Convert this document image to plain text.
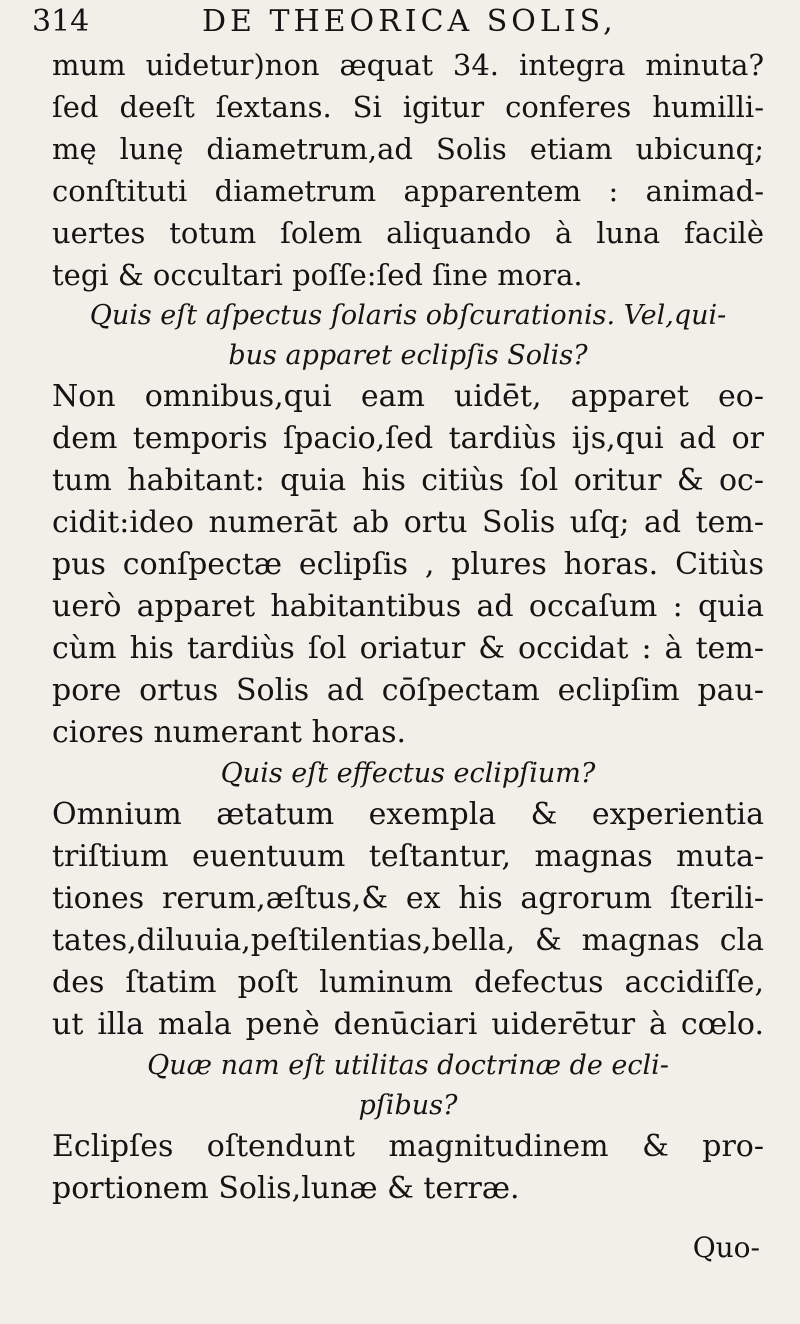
314	DE THEORICA SOLIS,
mum uidetur)non æquat 34. integra minuta?
ſed deeſt ſextans. Si igitur conferes humilli-
mę lunę diametrum,ad Solis etiam ubicunq;
conſtituti diametrum apparentem : animad-
uertes totum ſolem aliquando à luna facilè
tegi & occultari poſſe:ſed ſine mora.
Quis eſt aſpectus ſolaris obſcurationis. Vel,qui-
bus apparet eclipſis Solis?
Non omnibus,qui eam uidēt, apparet eo-
dem temporis ſpacio,ſed tardiùs ijs,qui ad or
tum habitant: quia his citiùs ſol oritur & oc-
cidit:ideo numerāt ab ortu Solis uſq; ad tem-
pus conſpectæ eclipſis , plures horas. Citiùs
uerò apparet habitantibus ad occaſum : quia
cùm his tardiùs ſol oriatur & occidat : à tem-
pore ortus Solis ad cōſpectam eclipſim pau-
ciores numerant horas.
Quis eſt effectus eclipſium?
Omnium ætatum exempla & experientia
triſtium euentuum teſtantur, magnas muta-
tiones rerum,æſtus,& ex his agrorum ſterili-
tates,diluuia,peſtilentias,bella, & magnas cla
des ſtatim poſt luminum defectus accidiſſe,
ut illa mala penè denūciari uiderētur à cœlo.
Quæ nam eſt utilitas doctrinæ de ecli-
pſibus?
Eclipſes oſtendunt magnitudinem & pro-
portionem Solis,lunæ & terræ.
Quo-
